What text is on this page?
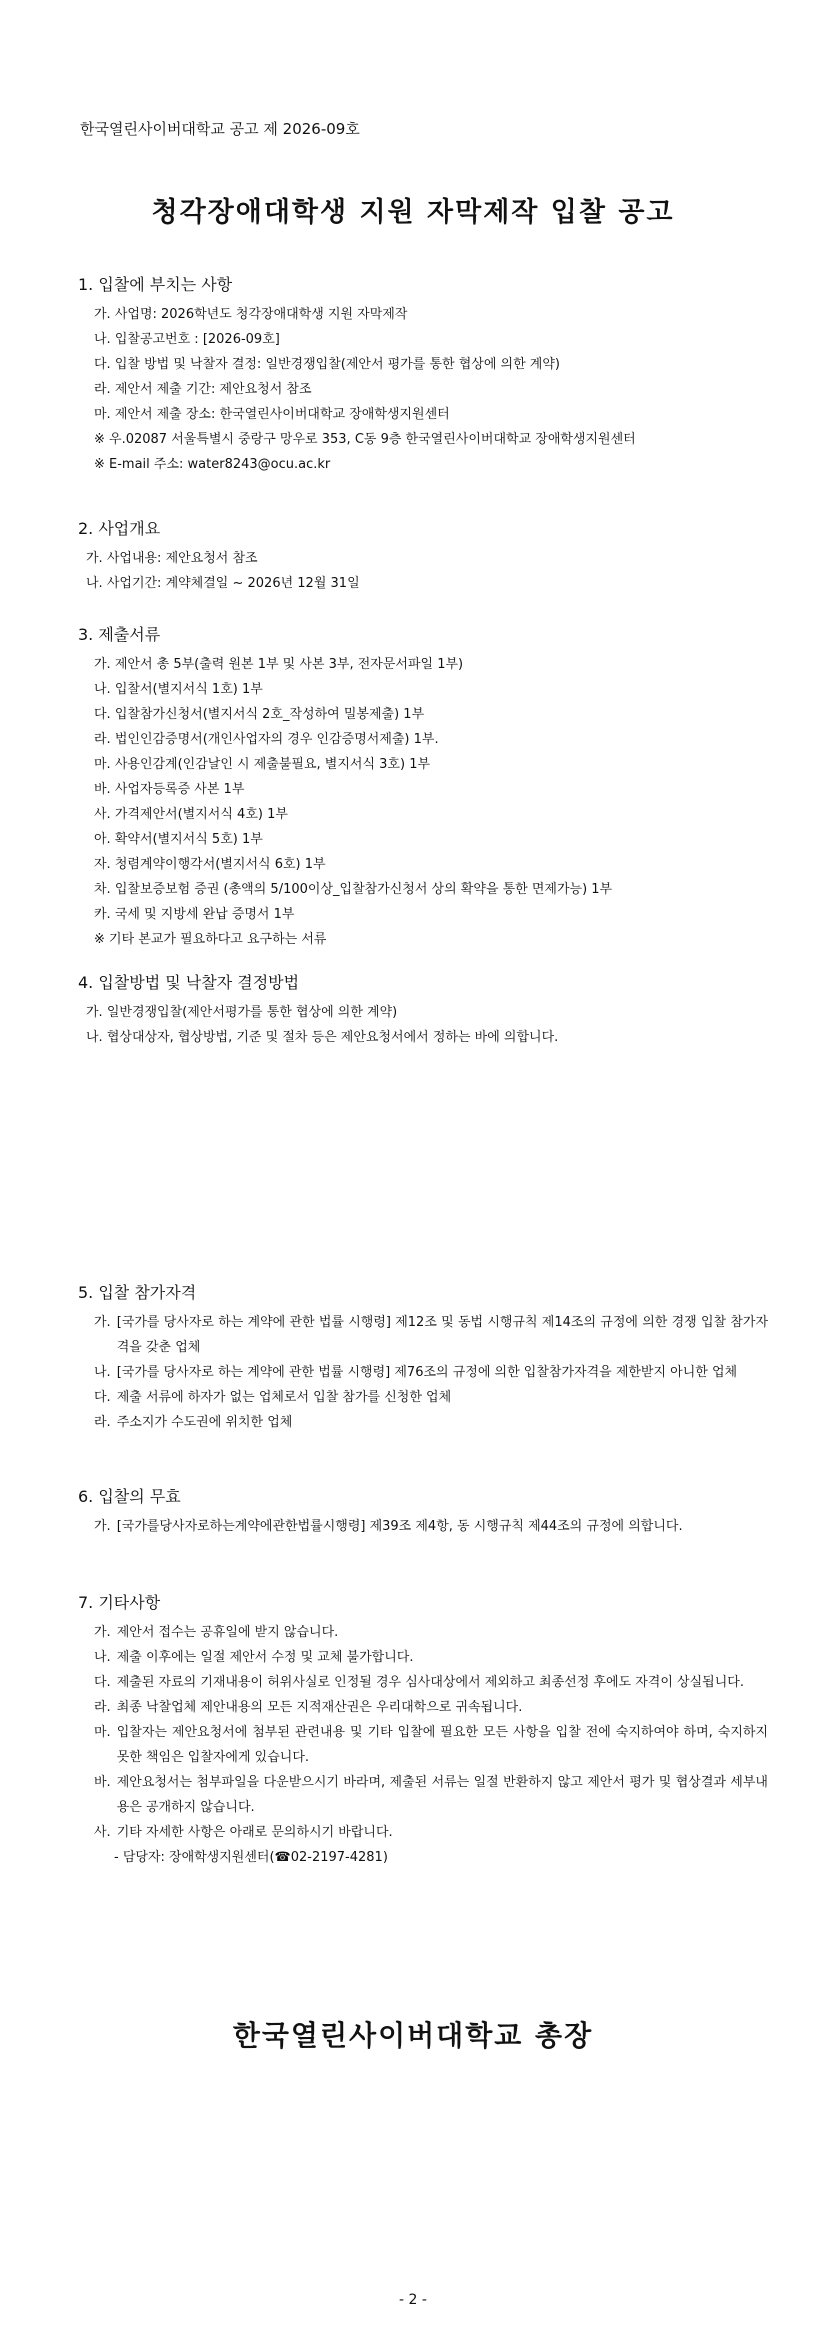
한국열린사이버대학교 공고 제 2026-09호
청각장애대학생 지원 자막제작 입찰 공고
1. 입찰에 부치는 사항
가. 사업명: 2026학년도 청각장애대학생 지원 자막제작
나. 입찰공고번호 : [2026-09호]
다. 입찰 방법 및 낙찰자 결정: 일반경쟁입찰(제안서 평가를 통한 협상에 의한 계약)
라. 제안서 제출 기간: 제안요청서 참조
마. 제안서 제출 장소: 한국열린사이버대학교 장애학생지원센터
※ 우.02087 서울특별시 중랑구 망우로 353, C동 9층 한국열린사이버대학교 장애학생지원센터
※ E-mail 주소: water8243@ocu.ac.kr
2. 사업개요
가. 사업내용: 제안요청서 참조
나. 사업기간: 계약체결일 ~ 2026년 12월 31일
3. 제출서류
가. 제안서 총 5부(출력 원본 1부 및 사본 3부, 전자문서파일 1부)
나. 입찰서(별지서식 1호) 1부
다. 입찰참가신청서(별지서식 2호_작성하여 밀봉제출) 1부
라. 법인인감증명서(개인사업자의 경우 인감증명서제출) 1부.
마. 사용인감계(인감날인 시 제출불필요, 별지서식 3호) 1부
바. 사업자등록증 사본 1부
사. 가격제안서(별지서식 4호) 1부
아. 확약서(별지서식 5호) 1부
자. 청렴계약이행각서(별지서식 6호) 1부
차. 입찰보증보험 증권 (총액의 5/100이상_입찰참가신청서 상의 확약을 통한 면제가능) 1부
카. 국세 및 지방세 완납 증명서 1부
※ 기타 본교가 필요하다고 요구하는 서류
4. 입찰방법 및 낙찰자 결정방법
가. 일반경쟁입찰(제안서평가를 통한 협상에 의한 계약)
나. 협상대상자, 협상방법, 기준 및 절차 등은 제안요청서에서 정하는 바에 의합니다.
5. 입찰 참가자격
가. [국가를 당사자로 하는 계약에 관한 법률 시행령] 제12조 및 동법 시행규칙 제14조의 규정에 의한 경쟁 입찰 참가자격을 갖춘 업체
나. [국가를 당사자로 하는 계약에 관한 법률 시행령] 제76조의 규정에 의한 입찰참가자격을 제한받지 아니한 업체
다. 제출 서류에 하자가 없는 업체로서 입찰 참가를 신청한 업체
라. 주소지가 수도권에 위치한 업체
6. 입찰의 무효
가. [국가를당사자로하는계약에관한법률시행령] 제39조 제4항, 동 시행규칙 제44조의 규정에 의합니다.
7. 기타사항
가. 제안서 접수는 공휴일에 받지 않습니다.
나. 제출 이후에는 일절 제안서 수정 및 교체 불가합니다.
다. 제출된 자료의 기재내용이 허위사실로 인정될 경우 심사대상에서 제외하고 최종선정 후에도 자격이 상실됩니다.
라. 최종 낙찰업체 제안내용의 모든 지적재산권은 우리대학으로 귀속됩니다.
마. 입찰자는 제안요청서에 첨부된 관련내용 및 기타 입찰에 필요한 모든 사항을 입찰 전에 숙지하여야 하며, 숙지하지 못한 책임은 입찰자에게 있습니다.
바. 제안요청서는 첨부파일을 다운받으시기 바라며, 제출된 서류는 일절 반환하지 않고 제안서 평가 및 협상결과 세부내용은 공개하지 않습니다.
사. 기타 자세한 사항은 아래로 문의하시기 바랍니다.
- 담당자: 장애학생지원센터(☎02-2197-4281)
한국열린사이버대학교 총장
- 2 -
